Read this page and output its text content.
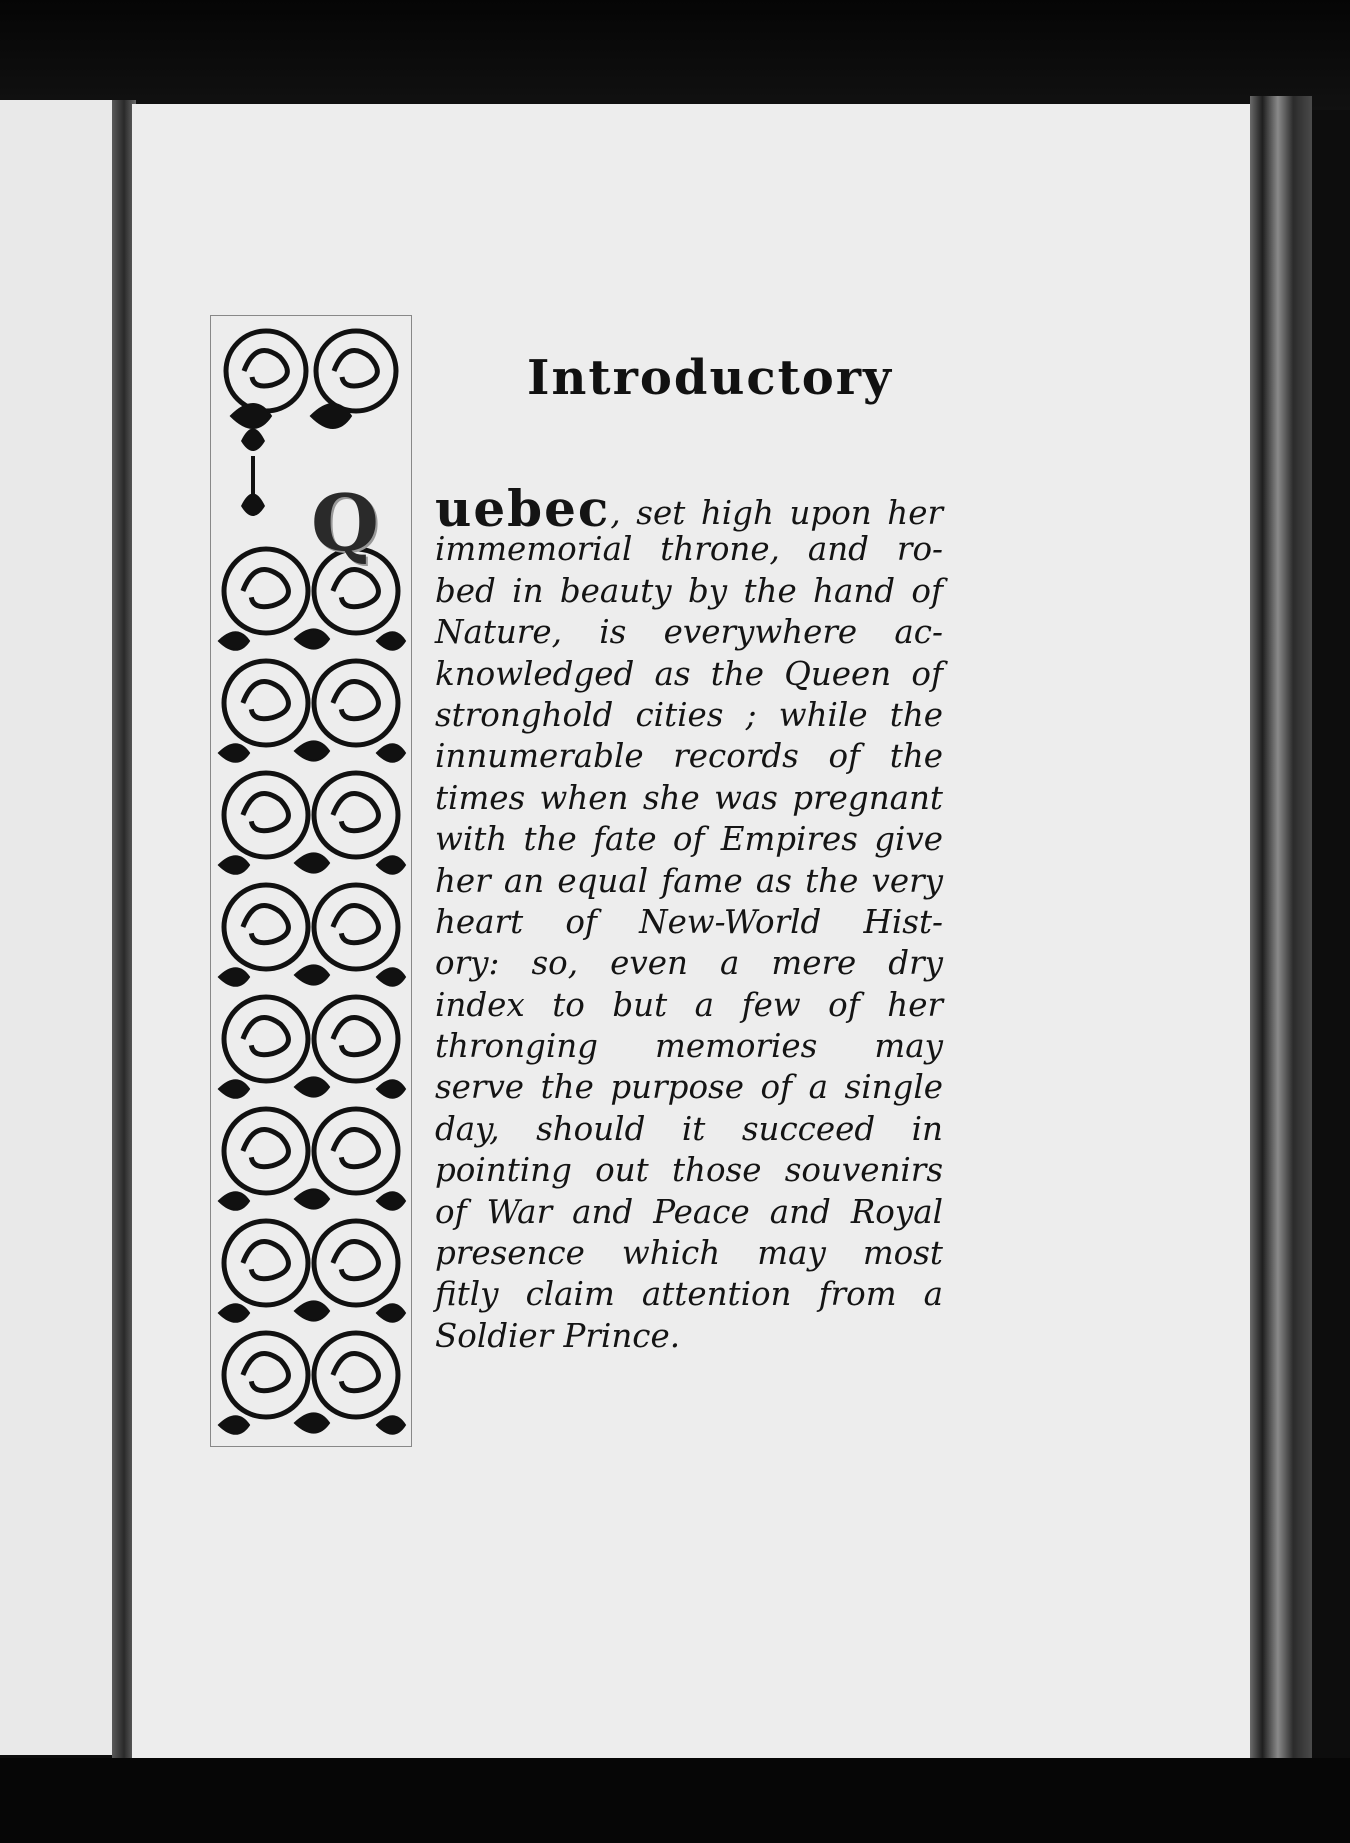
Introductory
Q uebec, set high upon her
immemorial throne, and ro-
bed in beauty by the hand of
Nature, is everywhere ac-
knowledged as the Queen of
stronghold cities ; while the
innumerable records of the
times when she was pregnant
with the fate of Empires give
her an equal fame as the very
heart of New-World Hist-
ory: so, even a mere dry
index to but a few of her
thronging memories may
serve the purpose of a single
day, should it succeed in
pointing out those souvenirs
of War and Peace and Royal
presence which may most
fitly claim attention from a
Soldier Prince.
